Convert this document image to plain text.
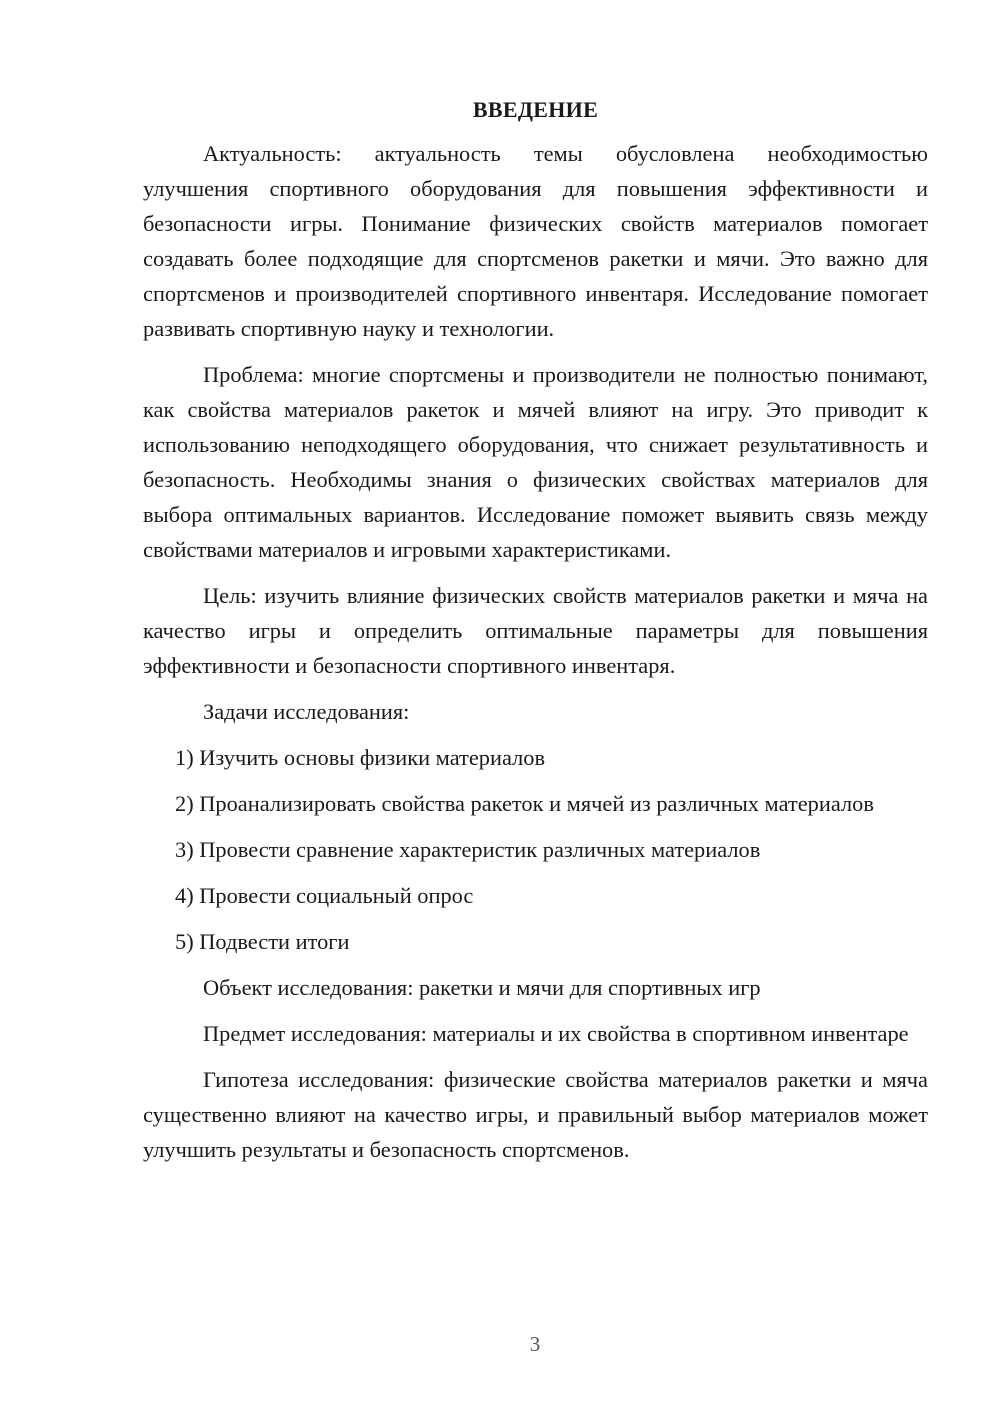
ВВЕДЕНИЕ

Актуальность: актуальность темы обусловлена необходимостью улучшения спортивного оборудования для повышения эффективности и безопасности игры. Понимание физических свойств материалов помогает создавать более подходящие для спортсменов ракетки и мячи. Это важно для спортсменов и производителей спортивного инвентаря. Исследование помогает развивать спортивную науку и технологии.

Проблема: многие спортсмены и производители не полностью понимают, как свойства материалов ракеток и мячей влияют на игру. Это приводит к использованию неподходящего оборудования, что снижает результативность и безопасность. Необходимы знания о физических свойствах материалов для выбора оптимальных вариантов. Исследование поможет выявить связь между свойствами материалов и игровыми характеристиками.

Цель: изучить влияние физических свойств материалов ракетки и мяча на качество игры и определить оптимальные параметры для повышения эффективности и безопасности спортивного инвентаря.

Задачи исследования:

1) Изучить основы физики материалов

2) Проанализировать свойства ракеток и мячей из различных материалов

3) Провести сравнение характеристик различных материалов

4) Провести социальный опрос

5) Подвести итоги

Объект исследования: ракетки и мячи для спортивных игр

Предмет исследования: материалы и их свойства в спортивном инвентаре

Гипотеза исследования: физические свойства материалов ракетки и мяча существенно влияют на качество игры, и правильный выбор материалов может улучшить результаты и безопасность спортсменов.

3
